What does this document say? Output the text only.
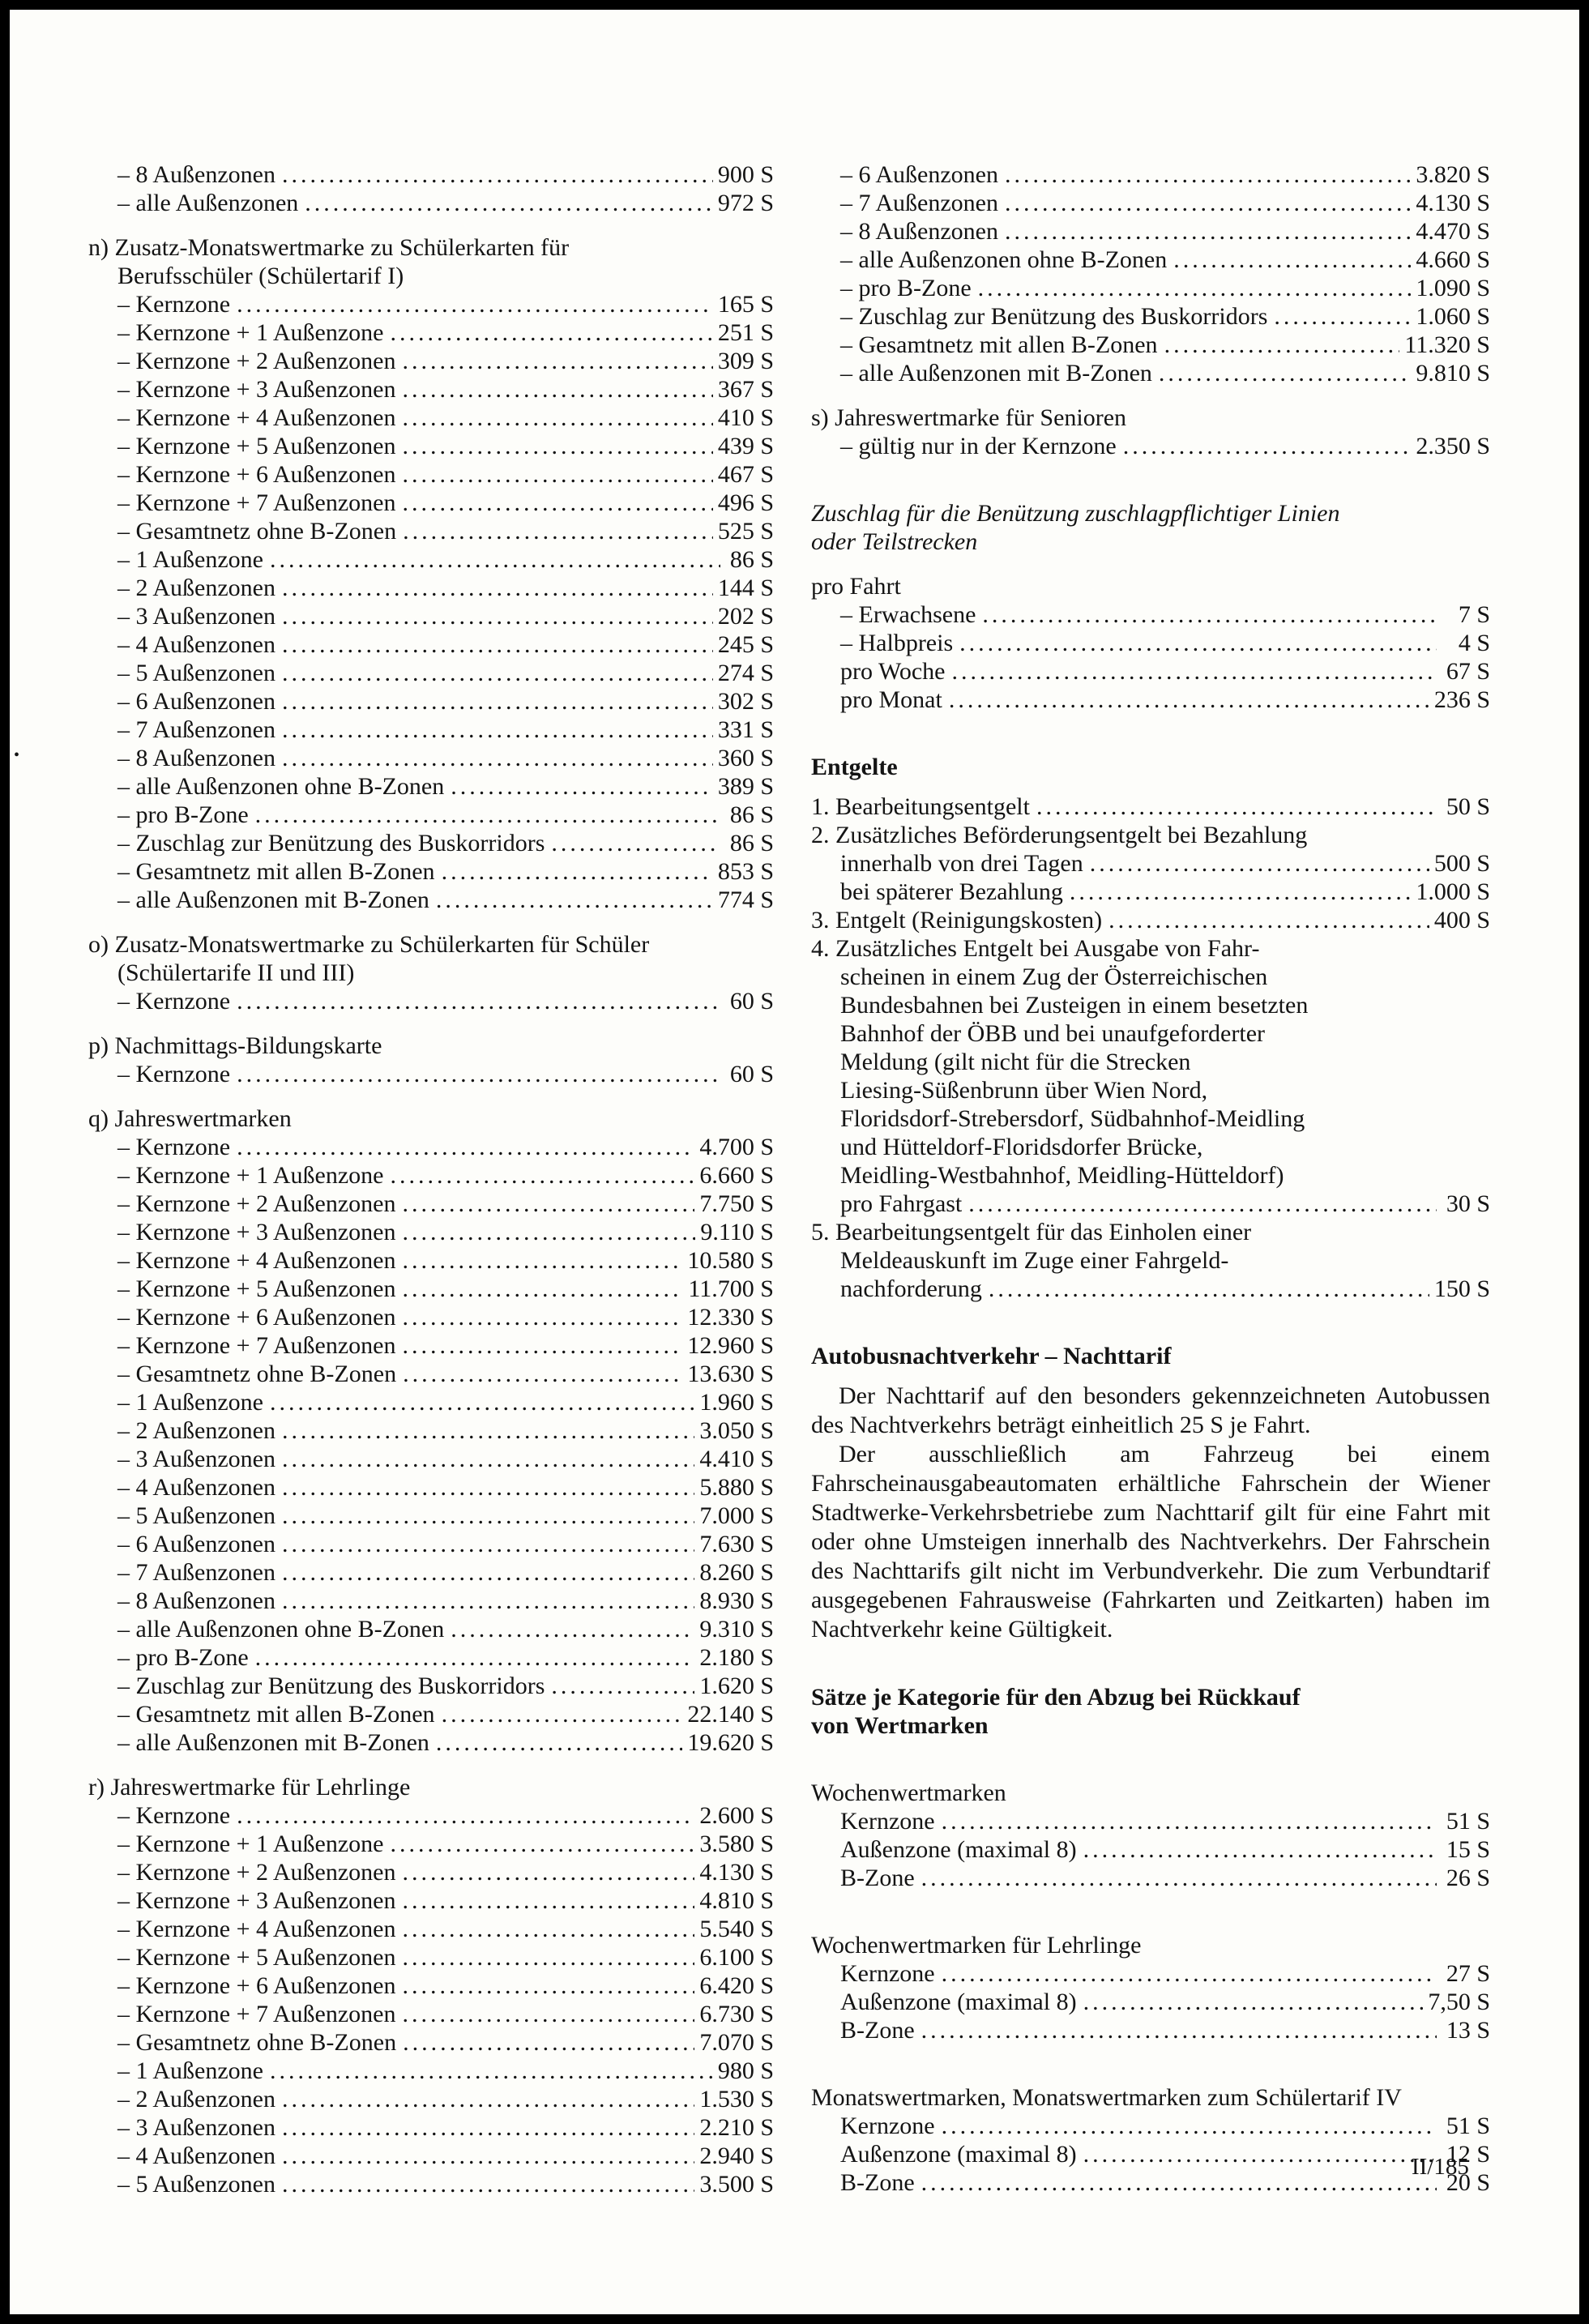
– 8 Außenzonen .....	900 S
– alle Außenzonen .....	972 S
n) Zusatz-Monatswertmarke zu Schülerkarten für
Berufsschüler (Schülertarif I)
– Kernzone .....	165 S
– Kernzone + 1 Außenzone .....	251 S
– Kernzone + 2 Außenzonen .....	309 S
– Kernzone + 3 Außenzonen .....	367 S
– Kernzone + 4 Außenzonen .....	410 S
– Kernzone + 5 Außenzonen .....	439 S
– Kernzone + 6 Außenzonen .....	467 S
– Kernzone + 7 Außenzonen .....	496 S
– Gesamtnetz ohne B-Zonen .....	525 S
– 1 Außenzone .....	86 S
– 2 Außenzonen .....	144 S
– 3 Außenzonen .....	202 S
– 4 Außenzonen .....	245 S
– 5 Außenzonen .....	274 S
– 6 Außenzonen .....	302 S
– 7 Außenzonen .....	331 S
– 8 Außenzonen .....	360 S
– alle Außenzonen ohne B-Zonen .....	389 S
– pro B-Zone .....	86 S
– Zuschlag zur Benützung des Buskorridors .....	86 S
– Gesamtnetz mit allen B-Zonen .....	853 S
– alle Außenzonen mit B-Zonen .....	774 S
o) Zusatz-Monatswertmarke zu Schülerkarten für Schüler
(Schülertarife II und III)
– Kernzone .....	60 S
p) Nachmittags-Bildungskarte
– Kernzone .....	60 S
q) Jahreswertmarken
– Kernzone .....	4.700 S
– Kernzone + 1 Außenzone .....	6.660 S
– Kernzone + 2 Außenzonen .....	7.750 S
– Kernzone + 3 Außenzonen .....	9.110 S
– Kernzone + 4 Außenzonen .....	10.580 S
– Kernzone + 5 Außenzonen .....	11.700 S
– Kernzone + 6 Außenzonen .....	12.330 S
– Kernzone + 7 Außenzonen .....	12.960 S
– Gesamtnetz ohne B-Zonen .....	13.630 S
– 1 Außenzone .....	1.960 S
– 2 Außenzonen .....	3.050 S
– 3 Außenzonen .....	4.410 S
– 4 Außenzonen .....	5.880 S
– 5 Außenzonen .....	7.000 S
– 6 Außenzonen .....	7.630 S
– 7 Außenzonen .....	8.260 S
– 8 Außenzonen .....	8.930 S
– alle Außenzonen ohne B-Zonen .....	9.310 S
– pro B-Zone .....	2.180 S
– Zuschlag zur Benützung des Buskorridors .....	1.620 S
– Gesamtnetz mit allen B-Zonen .....	22.140 S
– alle Außenzonen mit B-Zonen .....	19.620 S
r) Jahreswertmarke für Lehrlinge
– Kernzone .....	2.600 S
– Kernzone + 1 Außenzone .....	3.580 S
– Kernzone + 2 Außenzonen .....	4.130 S
– Kernzone + 3 Außenzonen .....	4.810 S
– Kernzone + 4 Außenzonen .....	5.540 S
– Kernzone + 5 Außenzonen .....	6.100 S
– Kernzone + 6 Außenzonen .....	6.420 S
– Kernzone + 7 Außenzonen .....	6.730 S
– Gesamtnetz ohne B-Zonen .....	7.070 S
– 1 Außenzone .....	980 S
– 2 Außenzonen .....	1.530 S
– 3 Außenzonen .....	2.210 S
– 4 Außenzonen .....	2.940 S
– 5 Außenzonen .....	3.500 S
– 6 Außenzonen .....	3.820 S
– 7 Außenzonen .....	4.130 S
– 8 Außenzonen .....	4.470 S
– alle Außenzonen ohne B-Zonen .....	4.660 S
– pro B-Zone .....	1.090 S
– Zuschlag zur Benützung des Buskorridors .....	1.060 S
– Gesamtnetz mit allen B-Zonen .....	11.320 S
– alle Außenzonen mit B-Zonen .....	9.810 S
s) Jahreswertmarke für Senioren
– gültig nur in der Kernzone .....	2.350 S
Zuschlag für die Benützung zuschlagpflichtiger Linien
oder Teilstrecken
pro Fahrt
– Erwachsene .....	7 S
– Halbpreis .....	4 S
pro Woche .....	67 S
pro Monat .....	236 S
Entgelte
1. Bearbeitungsentgelt .....	50 S
2. Zusätzliches Beförderungsentgelt bei Bezahlung
innerhalb von drei Tagen .....	500 S
bei späterer Bezahlung .....	1.000 S
3. Entgelt (Reinigungskosten) .....	400 S
4. Zusätzliches Entgelt bei Ausgabe von Fahr-
scheinen in einem Zug der Österreichischen
Bundesbahnen bei Zusteigen in einem besetzten
Bahnhof der ÖBB und bei unaufgeforderter
Meldung (gilt nicht für die Strecken
Liesing-Süßenbrunn über Wien Nord,
Floridsdorf-Strebersdorf, Südbahnhof-Meidling
und Hütteldorf-Floridsdorfer Brücke,
Meidling-Westbahnhof, Meidling-Hütteldorf)
pro Fahrgast .....	30 S
5. Bearbeitungsentgelt für das Einholen einer
Meldeauskunft im Zuge einer Fahrgeld-
nachforderung .....	150 S
Autobusnachtverkehr – Nachttarif
Der Nachttarif auf den besonders gekennzeichneten Autobussen des Nachtverkehrs beträgt einheitlich 25 S je Fahrt.
Der ausschließlich am Fahrzeug bei einem Fahrscheinausgabeautomaten erhältliche Fahrschein der Wiener Stadtwerke-Verkehrsbetriebe zum Nachttarif gilt für eine Fahrt mit oder ohne Umsteigen innerhalb des Nachtverkehrs. Der Fahrschein des Nachttarifs gilt nicht im Verbundverkehr. Die zum Verbundtarif ausgegebenen Fahrausweise (Fahrkarten und Zeitkarten) haben im Nachtverkehr keine Gültigkeit.
Sätze je Kategorie für den Abzug bei Rückkauf
von Wertmarken
Wochenwertmarken
Kernzone .....	51 S
Außenzone (maximal 8) .....	15 S
B-Zone .....	26 S
Wochenwertmarken für Lehrlinge
Kernzone .....	27 S
Außenzone (maximal 8) .....	7,50 S
B-Zone .....	13 S
Monatswertmarken, Monatswertmarken zum Schülertarif IV
Kernzone .....	51 S
Außenzone (maximal 8) .....	12 S
B-Zone .....	20 S
•
II/185
